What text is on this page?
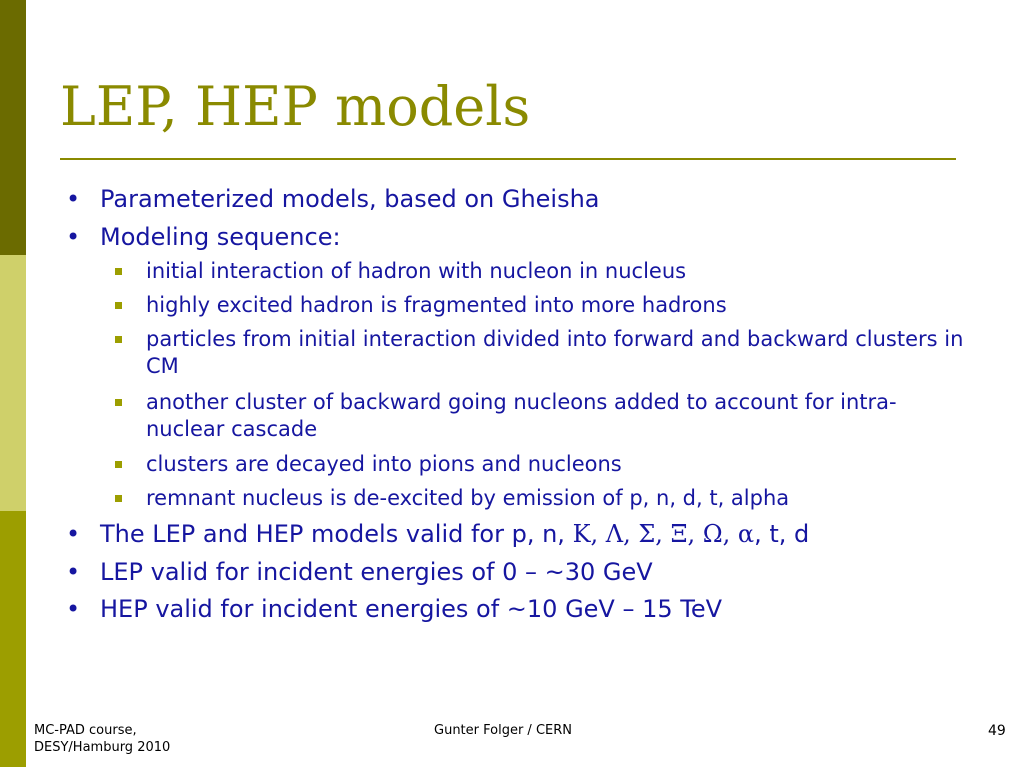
LEP, HEP models
• Parameterized models, based on Gheisha
• Modeling sequence:
initial interaction of hadron with nucleon in nucleus
highly excited hadron is fragmented into more hadrons
particles from initial interaction divided into forward and backward clusters in CM
another cluster of backward going nucleons added to account for intra-nuclear cascade
clusters are decayed into pions and nucleons
remnant nucleus is de-excited by emission of p, n, d, t, alpha
• The LEP and HEP models valid for p, n, Κ, Λ, Σ, Ξ, Ω, α, t, d
• LEP valid for incident energies of 0 – ~30 GeV
• HEP valid for incident energies of ~10 GeV – 15 TeV
MC-PAD course, DESY/Hamburg 2010
Gunter Folger / CERN	49
